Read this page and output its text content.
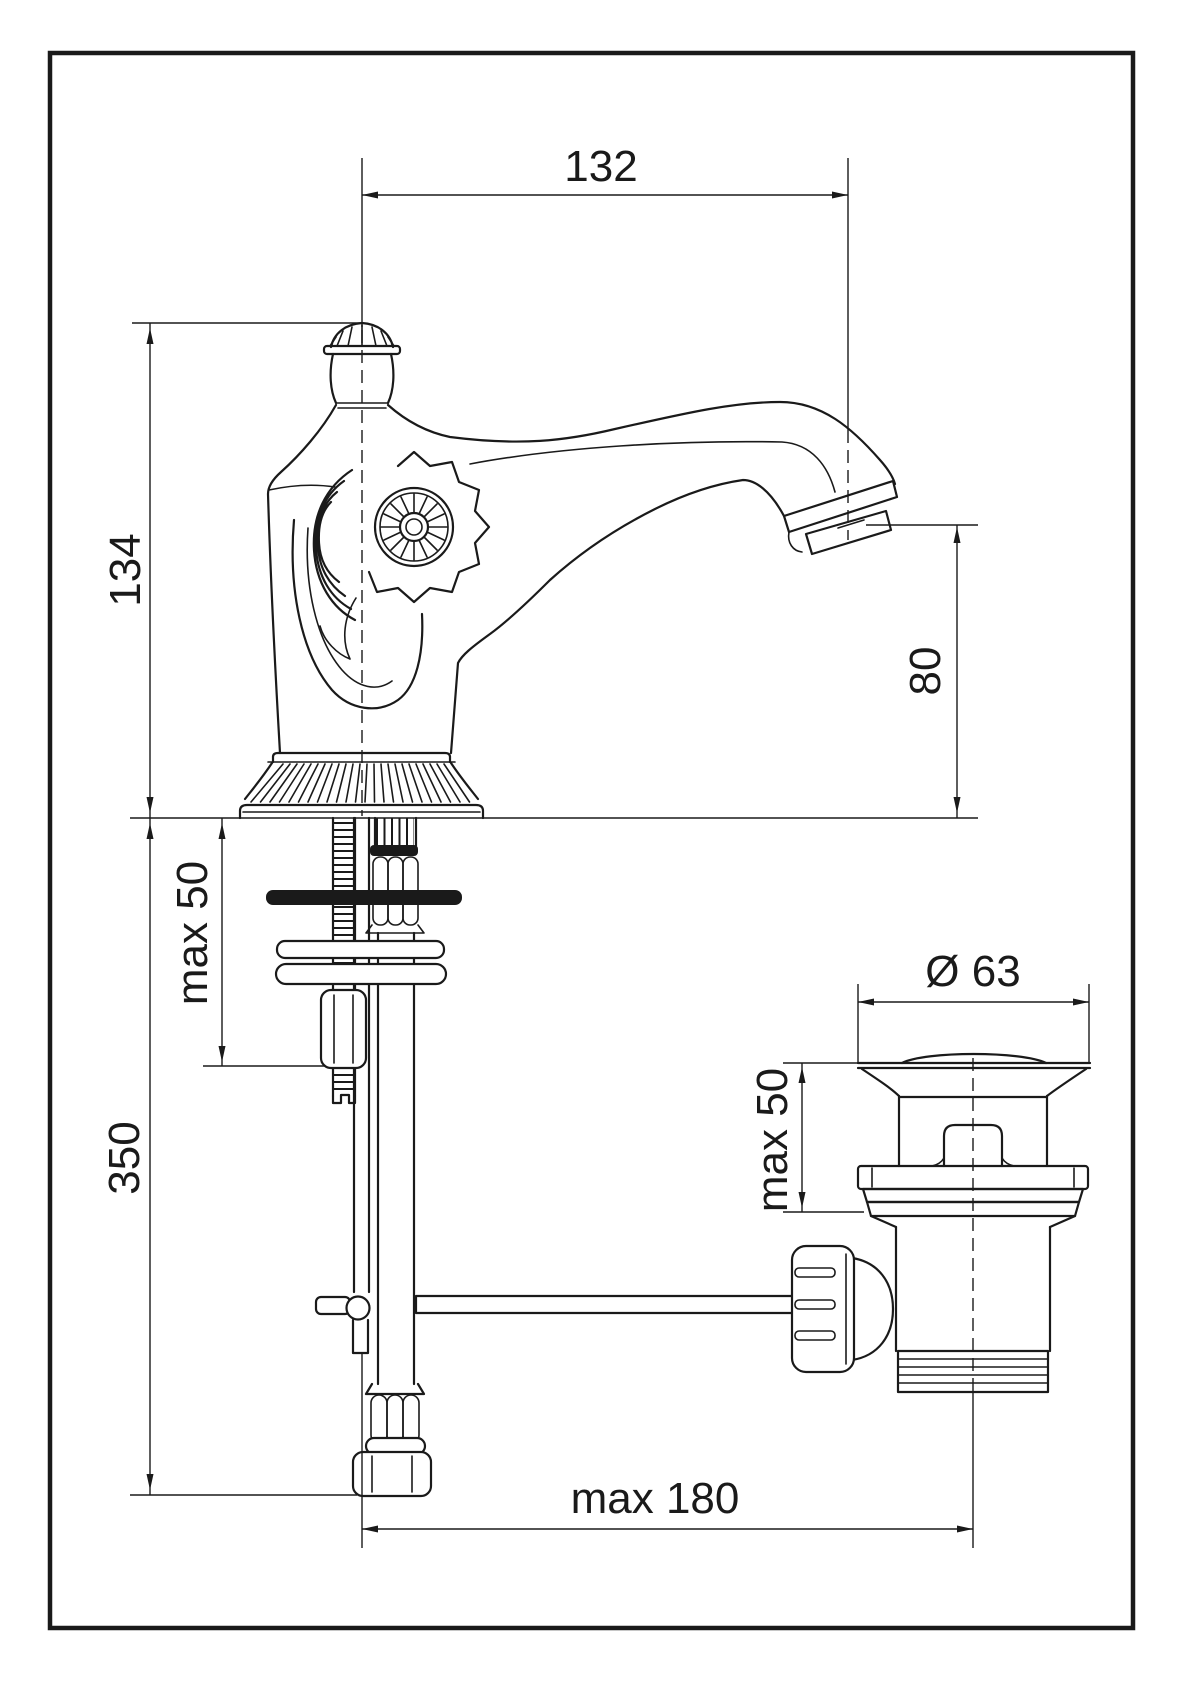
132
134
80
max 50
350
Ø 63
max 50
max 180
